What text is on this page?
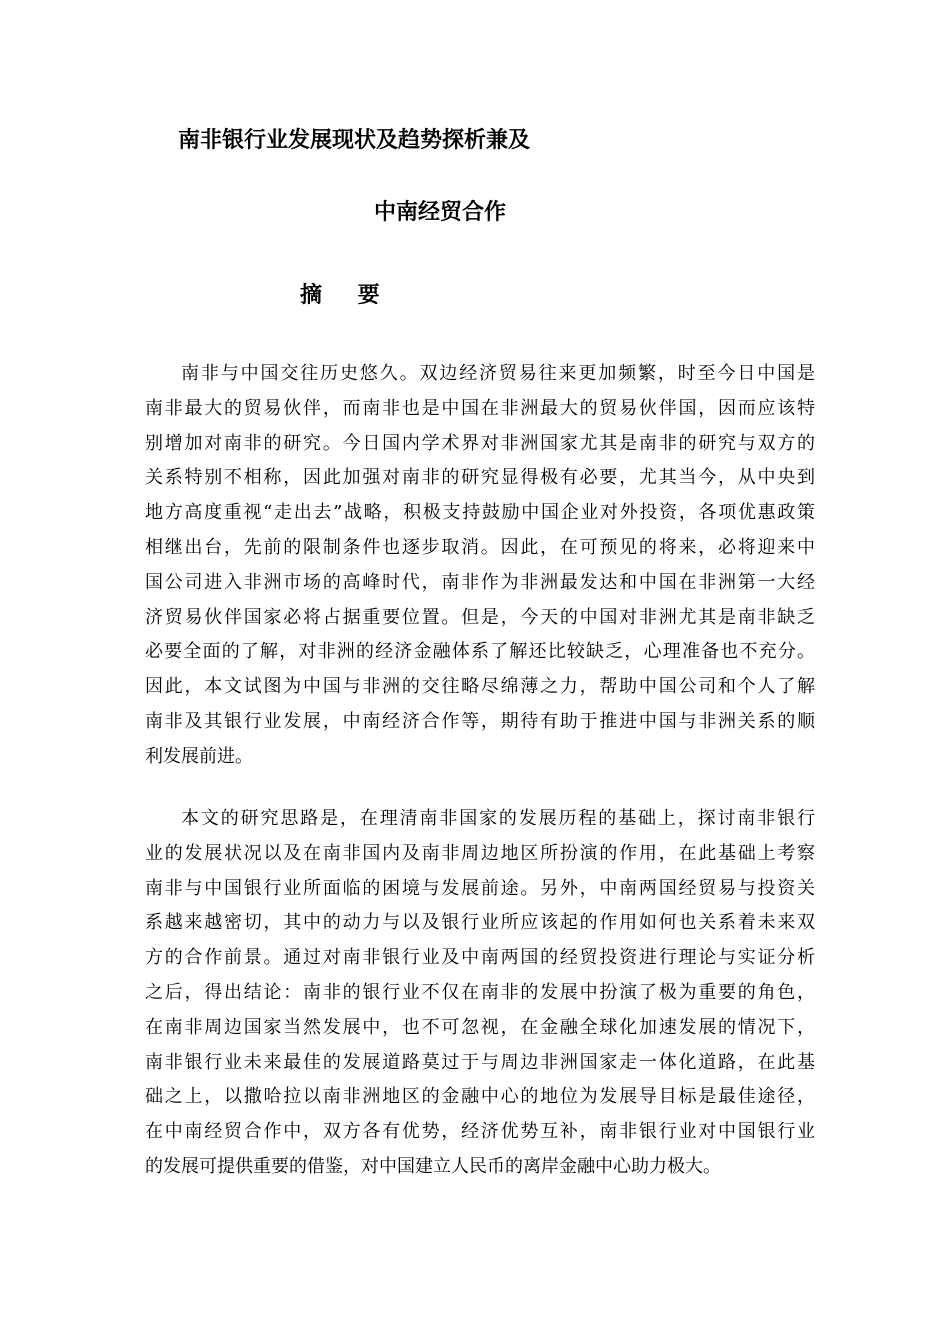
南非银行业发展现状及趋势探析兼及
中南经贸合作
摘 要
南非与中国交往历史悠久。双边经济贸易往来更加频繁，时至今日中国是
南非最大的贸易伙伴，而南非也是中国在非洲最大的贸易伙伴国，因而应该特
别增加对南非的研究。今日国内学术界对非洲国家尤其是南非的研究与双方的
关系特别不相称，因此加强对南非的研究显得极有必要，尤其当今，从中央到
地方高度重视“走出去”战略，积极支持鼓励中国企业对外投资，各项优惠政策
相继出台，先前的限制条件也逐步取消。因此，在可预见的将来，必将迎来中
国公司进入非洲市场的高峰时代，南非作为非洲最发达和中国在非洲第一大经
济贸易伙伴国家必将占据重要位置。但是，今天的中国对非洲尤其是南非缺乏
必要全面的了解，对非洲的经济金融体系了解还比较缺乏，心理准备也不充分。
因此，本文试图为中国与非洲的交往略尽绵薄之力，帮助中国公司和个人了解
南非及其银行业发展，中南经济合作等，期待有助于推进中国与非洲关系的顺
利发展前进。
本文的研究思路是，在理清南非国家的发展历程的基础上，探讨南非银行
业的发展状况以及在南非国内及南非周边地区所扮演的作用，在此基础上考察
南非与中国银行业所面临的困境与发展前途。另外，中南两国经贸易与投资关
系越来越密切，其中的动力与以及银行业所应该起的作用如何也关系着未来双
方的合作前景。通过对南非银行业及中南两国的经贸投资进行理论与实证分析
之后，得出结论：南非的银行业不仅在南非的发展中扮演了极为重要的角色，
在南非周边国家当然发展中，也不可忽视，在金融全球化加速发展的情况下，
南非银行业未来最佳的发展道路莫过于与周边非洲国家走一体化道路，在此基
础之上，以撒哈拉以南非洲地区的金融中心的地位为发展导目标是最佳途径，
在中南经贸合作中，双方各有优势，经济优势互补，南非银行业对中国银行业
的发展可提供重要的借鉴，对中国建立人民币的离岸金融中心助力极大。
